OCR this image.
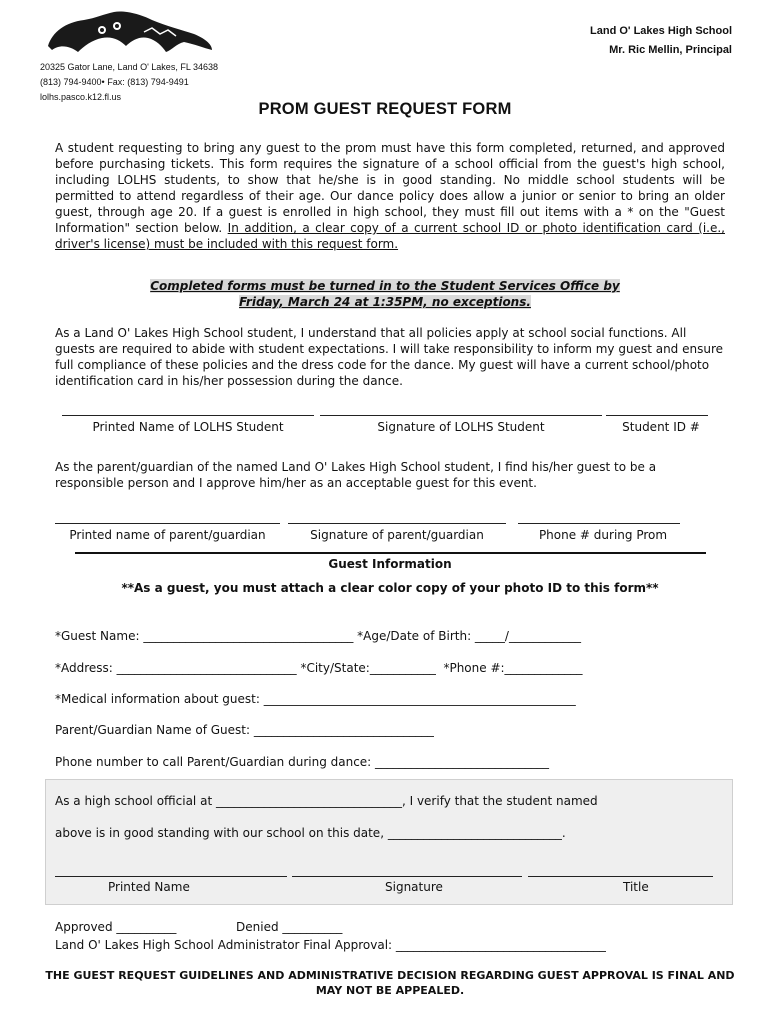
Land O' Lakes High School
Mr. Ric Mellin, Principal
20325 Gator Lane, Land O' Lakes, FL 34638
(813) 794-9400• Fax: (813) 794-9491
lolhs.pasco.k12.fl.us
PROM GUEST REQUEST FORM
A student requesting to bring any guest to the prom must have this form completed, returned, and approved before purchasing tickets. This form requires the signature of a school official from the guest's high school, including LOLHS students, to show that he/she is in good standing. No middle school students will be permitted to attend regardless of their age. Our dance policy does allow a junior or senior to bring an older guest, through age 20. If a guest is enrolled in high school, they must fill out items with a * on the "Guest Information" section below. In addition, a clear copy of a current school ID or photo identification card (i.e., driver's license) must be included with this request form.
Completed forms must be turned in to the Student Services Office by
Friday, March 24 at 1:35PM, no exceptions.
As a Land O' Lakes High School student, I understand that all policies apply at school social functions. All guests are required to abide with student expectations. I will take responsibility to inform my guest and ensure full compliance of these policies and the dress code for the dance. My guest will have a current school/photo identification card in his/her possession during the dance.
Printed Name of LOLHS Student	Signature of LOLHS Student	Student ID #
As the parent/guardian of the named Land O' Lakes High School student, I find his/her guest to be a responsible person and I approve him/her as an acceptable guest for this event.
Printed name of parent/guardian	Signature of parent/guardian	Phone # during Prom
Guest Information
**As a guest, you must attach a clear color copy of your photo ID to this form**
*Guest Name: ___________________________________ *Age/Date of Birth: _____/____________
*Address: ______________________________ *City/State:___________  *Phone #:_____________
*Medical information about guest: ____________________________________________________
Parent/Guardian Name of Guest: ______________________________
Phone number to call Parent/Guardian during dance: _____________________________
As a high school official at _______________________________, I verify that the student named
above is in good standing with our school on this date, _____________________________.
Printed Name	Signature	Title
Approved __________	Denied __________
Land O' Lakes High School Administrator Final Approval: ___________________________________
THE GUEST REQUEST GUIDELINES AND ADMINISTRATIVE DECISION REGARDING GUEST APPROVAL IS FINAL AND MAY NOT BE APPEALED.
